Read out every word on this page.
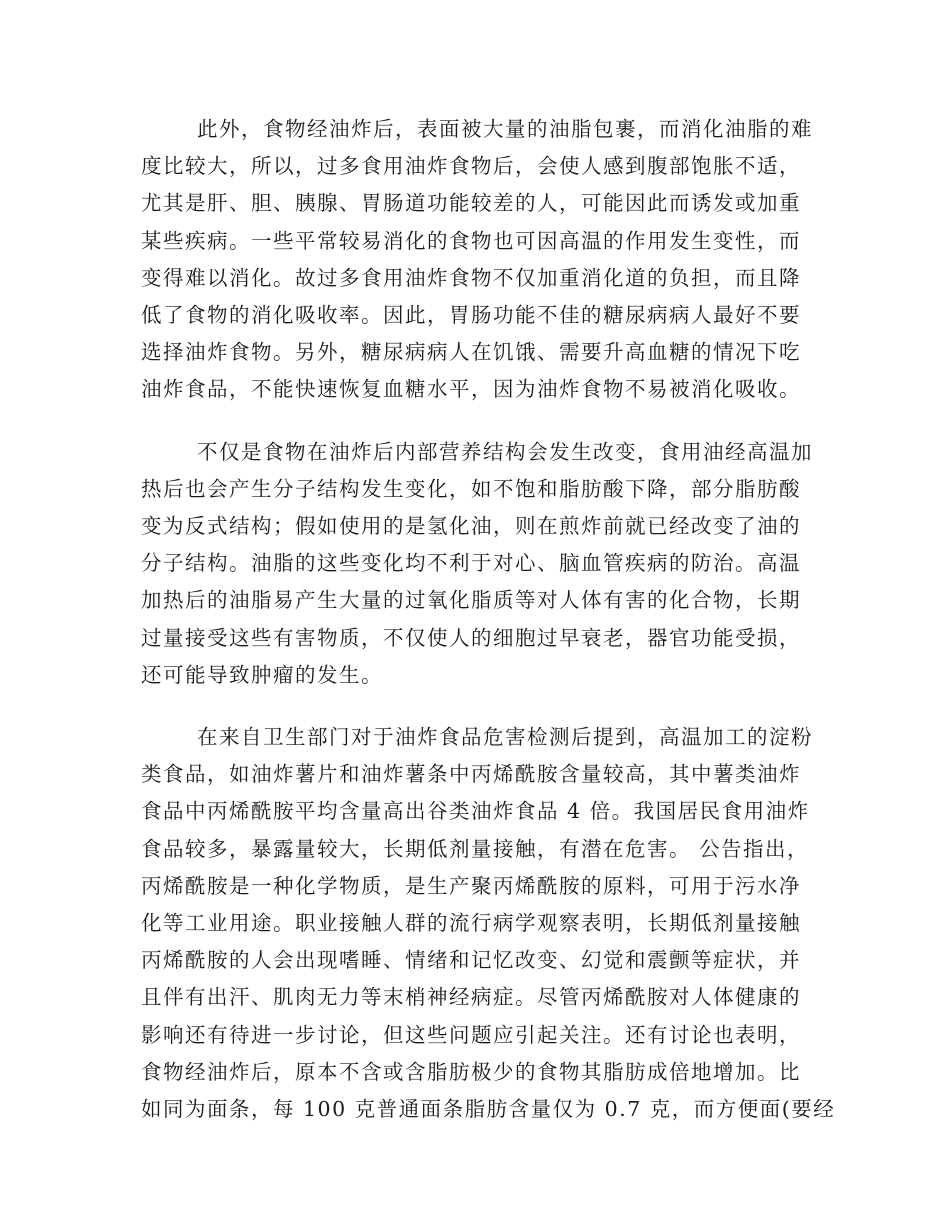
此外，食物经油炸后，表面被大量的油脂包裹，而消化油脂的难
度比较大，所以，过多食用油炸食物后，会使人感到腹部饱胀不适，
尤其是肝、胆、胰腺、胃肠道功能较差的人，可能因此而诱发或加重
某些疾病。一些平常较易消化的食物也可因高温的作用发生变性，而
变得难以消化。故过多食用油炸食物不仅加重消化道的负担，而且降
低了食物的消化吸收率。因此，胃肠功能不佳的糖尿病病人最好不要
选择油炸食物。另外，糖尿病病人在饥饿、需要升高血糖的情况下吃
油炸食品，不能快速恢复血糖水平，因为油炸食物不易被消化吸收。

不仅是食物在油炸后内部营养结构会发生改变，食用油经高温加
热后也会产生分子结构发生变化，如不饱和脂肪酸下降，部分脂肪酸
变为反式结构；假如使用的是氢化油，则在煎炸前就已经改变了油的
分子结构。油脂的这些变化均不利于对心、脑血管疾病的防治。高温
加热后的油脂易产生大量的过氧化脂质等对人体有害的化合物，长期
过量接受这些有害物质，不仅使人的细胞过早衰老，器官功能受损，
还可能导致肿瘤的发生。

在来自卫生部门对于油炸食品危害检测后提到，高温加工的淀粉
类食品，如油炸薯片和油炸薯条中丙烯酰胺含量较高，其中薯类油炸
食品中丙烯酰胺平均含量高出谷类油炸食品 4 倍。我国居民食用油炸
食品较多，暴露量较大，长期低剂量接触，有潜在危害。 公告指出，
丙烯酰胺是一种化学物质，是生产聚丙烯酰胺的原料，可用于污水净
化等工业用途。职业接触人群的流行病学观察表明，长期低剂量接触
丙烯酰胺的人会出现嗜睡、情绪和记忆改变、幻觉和震颤等症状，并
且伴有出汗、肌肉无力等末梢神经病症。尽管丙烯酰胺对人体健康的
影响还有待进一步讨论，但这些问题应引起关注。还有讨论也表明，
食物经油炸后，原本不含或含脂肪极少的食物其脂肪成倍地增加。比
如同为面条，每 100 克普通面条脂肪含量仅为 0.7 克，而方便面(要经
